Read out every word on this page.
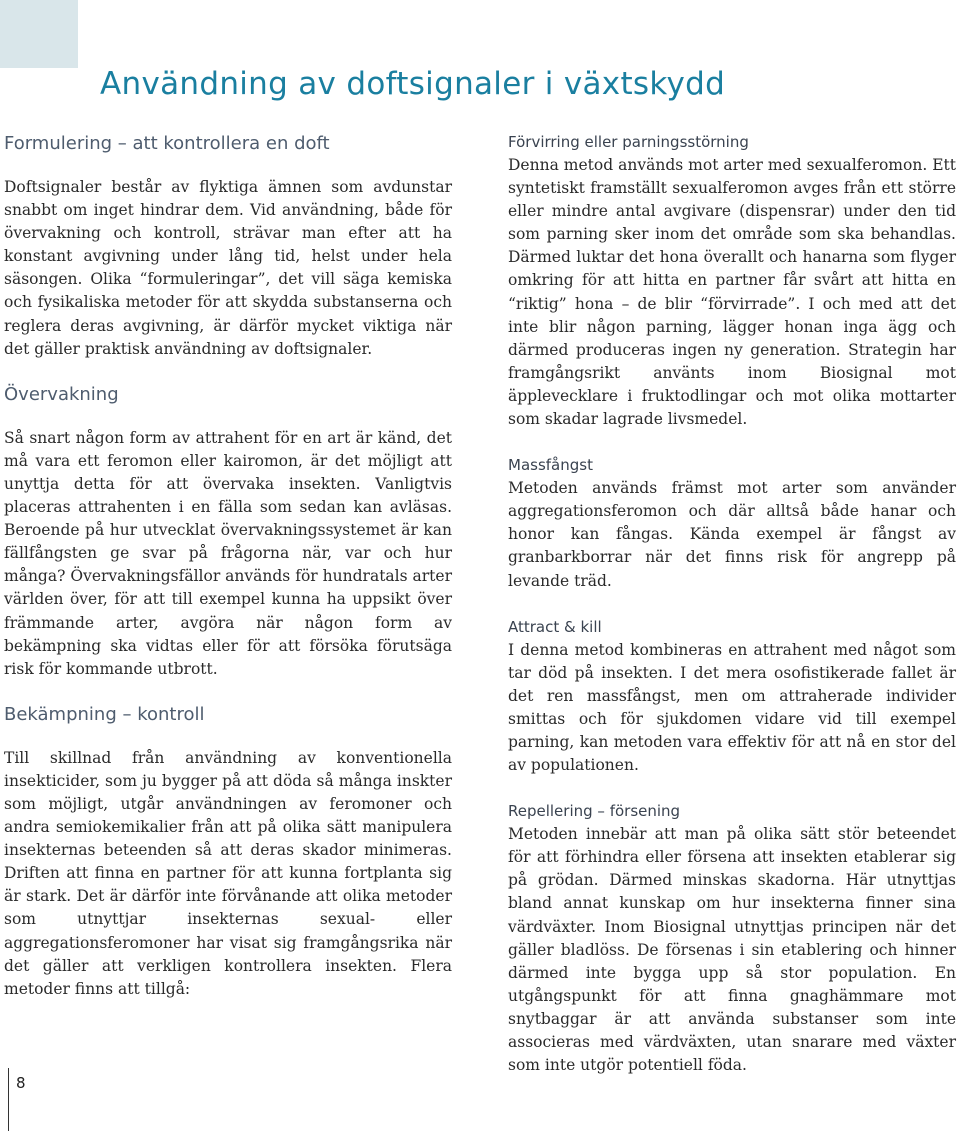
Användning av doftsignaler i växtskydd
Formulering – att kontrollera en doft

Doftsignaler består av flyktiga ämnen som avdunstar snabbt om inget hindrar dem. Vid användning, både för övervakning och kontroll, strävar man efter att ha konstant avgivning under lång tid, helst under hela säsongen. Olika “formuleringar”, det vill säga kemiska och fysikaliska metoder för att skydda substanserna och reglera deras avgivning, är därför mycket viktiga när det gäller praktisk användning av doftsignaler.

Övervakning

Så snart någon form av attrahent för en art är känd, det må vara ett feromon eller kairomon, är det möjligt att unyttja detta för att övervaka insekten. Vanligtvis placeras attrahenten i en fälla som sedan kan avläsas. Beroende på hur utvecklat övervakningssystemet är kan fällfångsten ge svar på frågorna när, var och hur många? Övervakningsfällor används för hundratals arter världen över, för att till exempel kunna ha uppsikt över främmande arter, avgöra när någon form av bekämpning ska vidtas eller för att försöka förutsäga risk för kommande utbrott.

Bekämpning – kontroll

Till skillnad från användning av konventionella insekticider, som ju bygger på att döda så många inskter som möjligt, utgår användningen av feromoner och andra semiokemikalier från att på olika sätt manipulera insekternas beteenden så att deras skador minimeras. Driften att finna en partner för att kunna fortplanta sig är stark. Det är därför inte förvånande att olika metoder som utnyttjar insekternas sexual- eller aggregationsferomoner har visat sig framgångsrika när det gäller att verkligen kontrollera insekten. Flera metoder finns att tillgå:

Förvirring eller parningsstörning

Denna metod används mot arter med sexualferomon. Ett syntetiskt framställt sexualferomon avges från ett större eller mindre antal avgivare (dispensrar) under den tid som parning sker inom det område som ska behandlas. Därmed luktar det hona överallt och hanarna som flyger omkring för att hitta en partner får svårt att hitta en “riktig” hona – de blir “förvirrade”. I och med att det inte blir någon parning, lägger honan inga ägg och därmed produceras ingen ny generation. Strategin har framgångsrikt använts inom Biosignal mot äpplevecklare i fruktodlingar och mot olika mottarter som skadar lagrade livsmedel.

Massfångst

Metoden används främst mot arter som använder aggregationsferomon och där alltså både hanar och honor kan fångas. Kända exempel är fångst av granbarkborrar när det finns risk för angrepp på levande träd.

Attract & kill

I denna metod kombineras en attrahent med något som tar död på insekten. I det mera osofistikerade fallet är det ren massfångst, men om attraherade individer smittas och för sjukdomen vidare vid till exempel parning, kan metoden vara effektiv för att nå en stor del av populationen.

Repellering – försening

Metoden innebär att man på olika sätt stör beteendet för att förhindra eller försena att insekten etablerar sig på grödan. Därmed minskas skadorna. Här utnyttjas bland annat kunskap om hur insekterna finner sina värdväxter. Inom Biosignal utnyttjas principen när det gäller bladlöss. De försenas i sin etablering och hinner därmed inte bygga upp så stor population. En utgångspunkt för att finna gnaghämmare mot snytbaggar är att använda substanser som inte associeras med värdväxten, utan snarare med växter som inte utgör potentiell föda.

8
